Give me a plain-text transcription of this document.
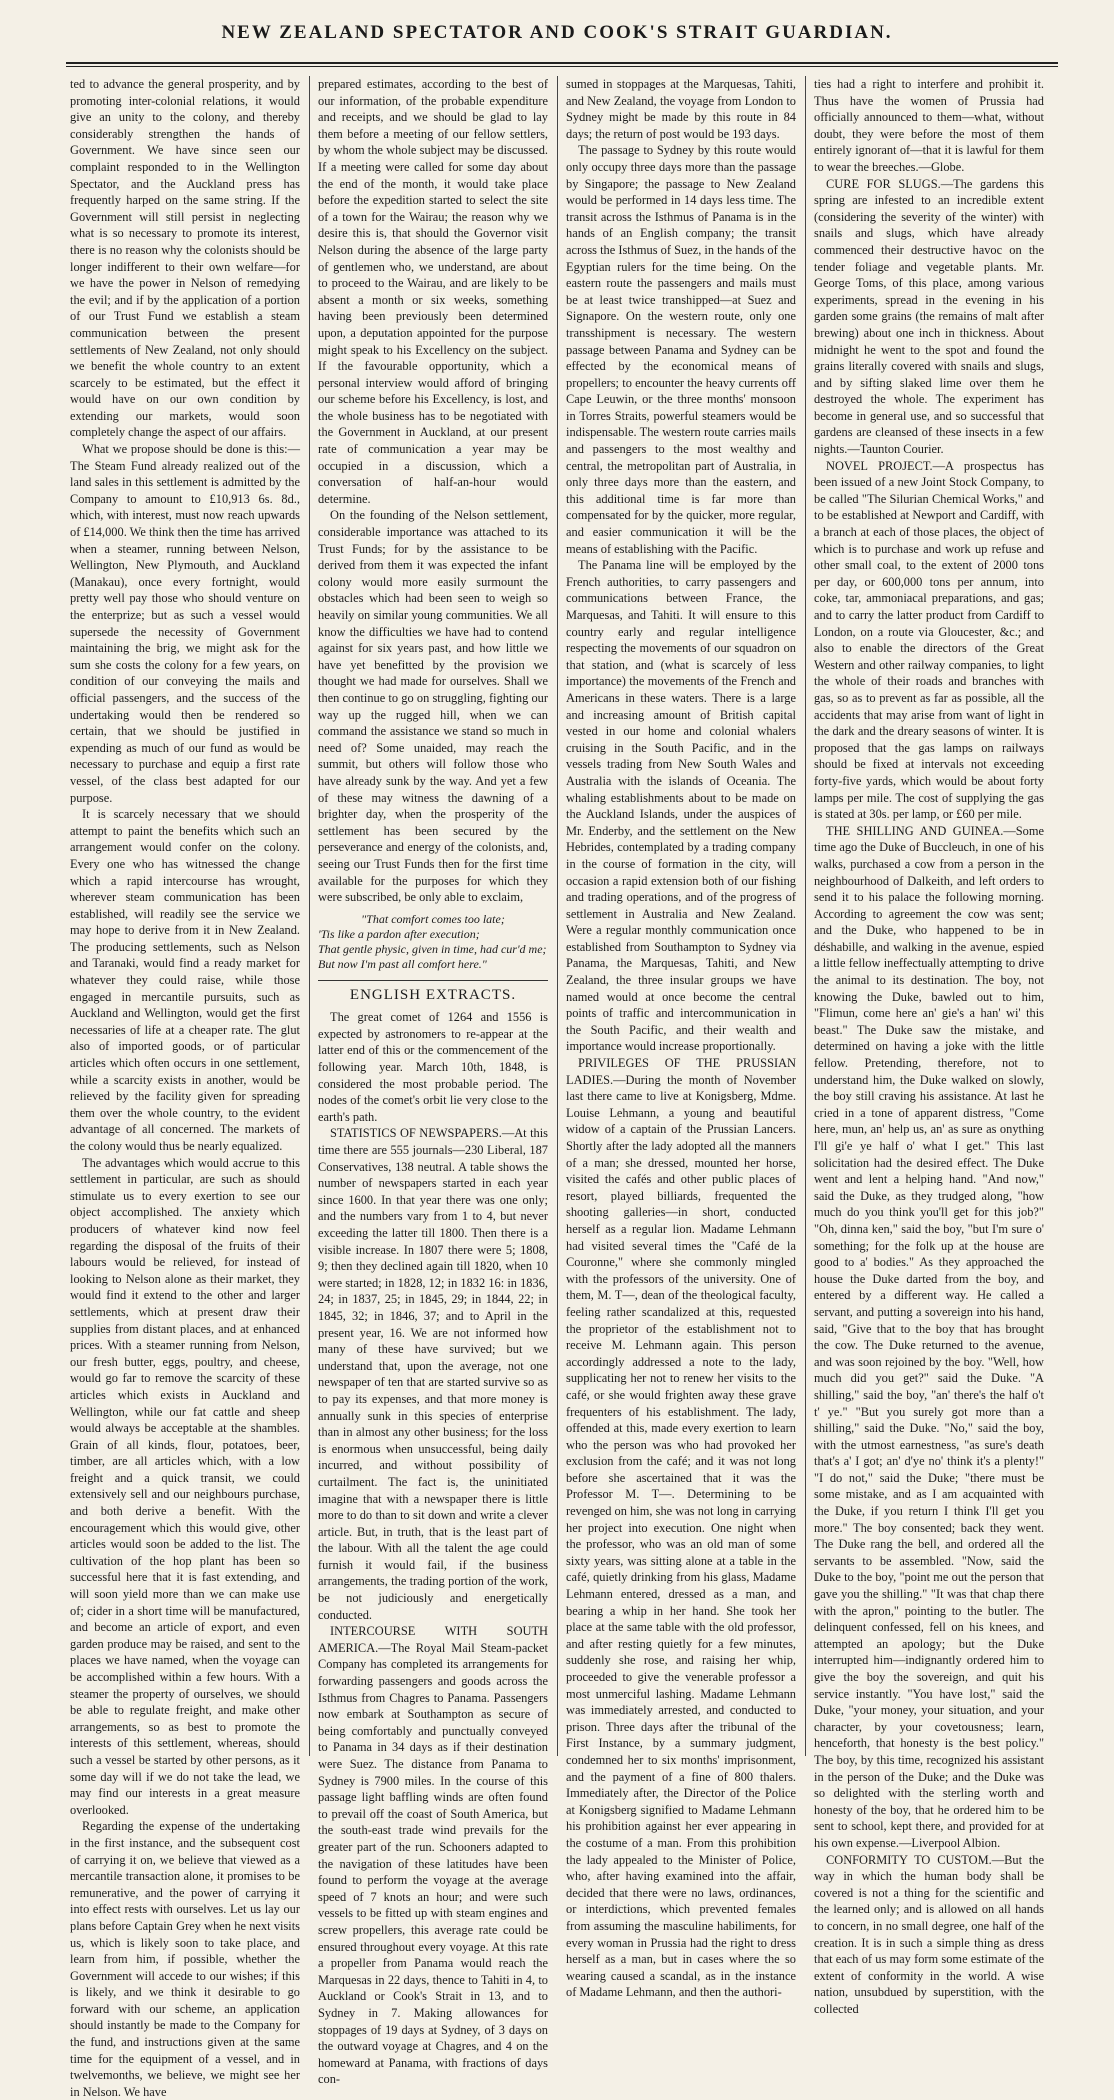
NEW ZEALAND SPECTATOR AND COOK'S STRAIT GUARDIAN.

ted to advance the general prosperity, and by promoting inter-colonial relations, it would give an unity to the colony, and thereby considerably strengthen the hands of Government. We have since seen our complaint responded to in the Wellington Spectator, and the Auckland press has frequently harped on the same string. If the Government will still persist in neglecting what is so necessary to promote its interest, there is no reason why the colonists should be longer indifferent to their own welfare—for we have the power in Nelson of remedying the evil; and if by the application of a portion of our Trust Fund we establish a steam communication between the present settlements of New Zealand, not only should we benefit the whole country to an extent scarcely to be estimated, but the effect it would have on our own condition by extending our markets, would soon completely change the aspect of our affairs.

What we propose should be done is this:—The Steam Fund already realized out of the land sales in this settlement is admitted by the Company to amount to £10,913 6s. 8d., which, with interest, must now reach upwards of £14,000. We think then the time has arrived when a steamer, running between Nelson, Wellington, New Plymouth, and Auckland (Manakau), once every fortnight, would pretty well pay those who should venture on the enterprize; but as such a vessel would supersede the necessity of Government maintaining the brig, we might ask for the sum she costs the colony for a few years, on condition of our conveying the mails and official passengers, and the success of the undertaking would then be rendered so certain, that we should be justified in expending as much of our fund as would be necessary to purchase and equip a first rate vessel, of the class best adapted for our purpose.

It is scarcely necessary that we should attempt to paint the benefits which such an arrangement would confer on the colony. Every one who has witnessed the change which a rapid intercourse has wrought, wherever steam communication has been established, will readily see the service we may hope to derive from it in New Zealand. The producing settlements, such as Nelson and Taranaki, would find a ready market for whatever they could raise, while those engaged in mercantile pursuits, such as Auckland and Wellington, would get the first necessaries of life at a cheaper rate. The glut also of imported goods, or of particular articles which often occurs in one settlement, while a scarcity exists in another, would be relieved by the facility given for spreading them over the whole country, to the evident advantage of all concerned. The markets of the colony would thus be nearly equalized.

The advantages which would accrue to this settlement in particular, are such as should stimulate us to every exertion to see our object accomplished. The anxiety which producers of whatever kind now feel regarding the disposal of the fruits of their labours would be relieved, for instead of looking to Nelson alone as their market, they would find it extend to the other and larger settlements, which at present draw their supplies from distant places, and at enhanced prices. With a steamer running from Nelson, our fresh butter, eggs, poultry, and cheese, would go far to remove the scarcity of these articles which exists in Auckland and Wellington, while our fat cattle and sheep would always be acceptable at the shambles. Grain of all kinds, flour, potatoes, beer, timber, are all articles which, with a low freight and a quick transit, we could extensively sell and our neighbours purchase, and both derive a benefit. With the encouragement which this would give, other articles would soon be added to the list. The cultivation of the hop plant has been so successful here that it is fast extending, and will soon yield more than we can make use of; cider in a short time will be manufactured, and become an article of export, and even garden produce may be raised, and sent to the places we have named, when the voyage can be accomplished within a few hours. With a steamer the property of ourselves, we should be able to regulate freight, and make other arrangements, so as best to promote the interests of this settlement, whereas, should such a vessel be started by other persons, as it some day will if we do not take the lead, we may find our interests in a great measure overlooked.

Regarding the expense of the undertaking in the first instance, and the subsequent cost of carrying it on, we believe that viewed as a mercantile transaction alone, it promises to be remunerative, and the power of carrying it into effect rests with ourselves. Let us lay our plans before Captain Grey when he next visits us, which is likely soon to take place, and learn from him, if possible, whether the Government will accede to our wishes; if this is likely, and we think it desirable to go forward with our scheme, an application should instantly be made to the Company for the fund, and instructions given at the same time for the equipment of a vessel, and in twelvemonths, we believe, we might see her in Nelson. We have

prepared estimates, according to the best of our information, of the probable expenditure and receipts, and we should be glad to lay them before a meeting of our fellow settlers, by whom the whole subject may be discussed. If a meeting were called for some day about the end of the month, it would take place before the expedition started to select the site of a town for the Wairau; the reason why we desire this is, that should the Governor visit Nelson during the absence of the large party of gentlemen who, we understand, are about to proceed to the Wairau, and are likely to be absent a month or six weeks, something having been previously been determined upon, a deputation appointed for the purpose might speak to his Excellency on the subject. If the favourable opportunity, which a personal interview would afford of bringing our scheme before his Excellency, is lost, and the whole business has to be negotiated with the Government in Auckland, at our present rate of communication a year may be occupied in a discussion, which a conversation of half-an-hour would determine.

On the founding of the Nelson settlement, considerable importance was attached to its Trust Funds; for by the assistance to be derived from them it was expected the infant colony would more easily surmount the obstacles which had been seen to weigh so heavily on similar young communities. We all know the difficulties we have had to contend against for six years past, and how little we have yet benefitted by the provision we thought we had made for ourselves. Shall we then continue to go on struggling, fighting our way up the rugged hill, when we can command the assistance we stand so much in need of? Some unaided, may reach the summit, but others will follow those who have already sunk by the way. And yet a few of these may witness the dawning of a brighter day, when the prosperity of the settlement has been secured by the perseverance and energy of the colonists, and, seeing our Trust Funds then for the first time available for the purposes for which they were subscribed, be only able to exclaim,

"That comfort comes too late;
'Tis like a pardon after execution;
That gentle physic, given in time, had cur'd me;
But now I'm past all comfort here."
ENGLISH EXTRACTS.

The great comet of 1264 and 1556 is expected by astronomers to re-appear at the latter end of this or the commencement of the following year. March 10th, 1848, is considered the most probable period. The nodes of the comet's orbit lie very close to the earth's path.

STATISTICS OF NEWSPAPERS.—At this time there are 555 journals—230 Liberal, 187 Conservatives, 138 neutral. A table shows the number of newspapers started in each year since 1600. In that year there was one only; and the numbers vary from 1 to 4, but never exceeding the latter till 1800. Then there is a visible increase. In 1807 there were 5; 1808, 9; then they declined again till 1820, when 10 were started; in 1828, 12; in 1832 16: in 1836, 24; in 1837, 25; in 1845, 29; in 1844, 22; in 1845, 32; in 1846, 37; and to April in the present year, 16. We are not informed how many of these have survived; but we understand that, upon the average, not one newspaper of ten that are started survive so as to pay its expenses, and that more money is annually sunk in this species of enterprise than in almost any other business; for the loss is enormous when unsuccessful, being daily incurred, and without possibility of curtailment. The fact is, the uninitiated imagine that with a newspaper there is little more to do than to sit down and write a clever article. But, in truth, that is the least part of the labour. With all the talent the age could furnish it would fail, if the business arrangements, the trading portion of the work, be not judiciously and energetically conducted.

INTERCOURSE WITH SOUTH AMERICA.—The Royal Mail Steam-packet Company has completed its arrangements for forwarding passengers and goods across the Isthmus from Chagres to Panama. Passengers now embark at Southampton as secure of being comfortably and punctually conveyed to Panama in 34 days as if their destination were Suez. The distance from Panama to Sydney is 7900 miles. In the course of this passage light baffling winds are often found to prevail off the coast of South America, but the south-east trade wind prevails for the greater part of the run. Schooners adapted to the navigation of these latitudes have been found to perform the voyage at the average speed of 7 knots an hour; and were such vessels to be fitted up with steam engines and screw propellers, this average rate could be ensured throughout every voyage. At this rate a propeller from Panama would reach the Marquesas in 22 days, thence to Tahiti in 4, to Auckland or Cook's Strait in 13, and to Sydney in 7. Making allowances for stoppages of 19 days at Sydney, of 3 days on the outward voyage at Chagres, and 4 on the homeward at Panama, with fractions of days con-

sumed in stoppages at the Marquesas, Tahiti, and New Zealand, the voyage from London to Sydney might be made by this route in 84 days; the return of post would be 193 days.

The passage to Sydney by this route would only occupy three days more than the passage by Singapore; the passage to New Zealand would be performed in 14 days less time. The transit across the Isthmus of Panama is in the hands of an English company; the transit across the Isthmus of Suez, in the hands of the Egyptian rulers for the time being. On the eastern route the passengers and mails must be at least twice transhipped—at Suez and Signapore. On the western route, only one transshipment is necessary. The western passage between Panama and Sydney can be effected by the economical means of propellers; to encounter the heavy currents off Cape Leuwin, or the three months' monsoon in Torres Straits, powerful steamers would be indispensable. The western route carries mails and passengers to the most wealthy and central, the metropolitan part of Australia, in only three days more than the eastern, and this additional time is far more than compensated for by the quicker, more regular, and easier communication it will be the means of establishing with the Pacific.

The Panama line will be employed by the French authorities, to carry passengers and communications between France, the Marquesas, and Tahiti. It will ensure to this country early and regular intelligence respecting the movements of our squadron on that station, and (what is scarcely of less importance) the movements of the French and Americans in these waters. There is a large and increasing amount of British capital vested in our home and colonial whalers cruising in the South Pacific, and in the vessels trading from New South Wales and Australia with the islands of Oceania. The whaling establishments about to be made on the Auckland Islands, under the auspices of Mr. Enderby, and the settlement on the New Hebrides, contemplated by a trading company in the course of formation in the city, will occasion a rapid extension both of our fishing and trading operations, and of the progress of settlement in Australia and New Zealand. Were a regular monthly communication once established from Southampton to Sydney via Panama, the Marquesas, Tahiti, and New Zealand, the three insular groups we have named would at once become the central points of traffic and intercommunication in the South Pacific, and their wealth and importance would increase proportionally.

PRIVILEGES OF THE PRUSSIAN LADIES.—During the month of November last there came to live at Konigsberg, Mdme. Louise Lehmann, a young and beautiful widow of a captain of the Prussian Lancers. Shortly after the lady adopted all the manners of a man; she dressed, mounted her horse, visited the cafés and other public places of resort, played billiards, frequented the shooting galleries—in short, conducted herself as a regular lion. Madame Lehmann had visited several times the "Café de la Couronne," where she commonly mingled with the professors of the university. One of them, M. T—, dean of the theological faculty, feeling rather scandalized at this, requested the proprietor of the establishment not to receive M. Lehmann again. This person accordingly addressed a note to the lady, supplicating her not to renew her visits to the café, or she would frighten away these grave frequenters of his establishment. The lady, offended at this, made every exertion to learn who the person was who had provoked her exclusion from the café; and it was not long before she ascertained that it was the Professor M. T—. Determining to be revenged on him, she was not long in carrying her project into execution. One night when the professor, who was an old man of some sixty years, was sitting alone at a table in the café, quietly drinking from his glass, Madame Lehmann entered, dressed as a man, and bearing a whip in her hand. She took her place at the same table with the old professor, and after resting quietly for a few minutes, suddenly she rose, and raising her whip, proceeded to give the venerable professor a most unmerciful lashing. Madame Lehmann was immediately arrested, and conducted to prison. Three days after the tribunal of the First Instance, by a summary judgment, condemned her to six months' imprisonment, and the payment of a fine of 800 thalers. Immediately after, the Director of the Police at Konigsberg signified to Madame Lehmann his prohibition against her ever appearing in the costume of a man. From this prohibition the lady appealed to the Minister of Police, who, after having examined into the affair, decided that there were no laws, ordinances, or interdictions, which prevented females from assuming the masculine habiliments, for every woman in Prussia had the right to dress herself as a man, but in cases where the so wearing caused a scandal, as in the instance of Madame Lehmann, and then the authori-

ties had a right to interfere and prohibit it. Thus have the women of Prussia had officially announced to them—what, without doubt, they were before the most of them entirely ignorant of—that it is lawful for them to wear the breeches.—Globe.

CURE FOR SLUGS.—The gardens this spring are infested to an incredible extent (considering the severity of the winter) with snails and slugs, which have already commenced their destructive havoc on the tender foliage and vegetable plants. Mr. George Toms, of this place, among various experiments, spread in the evening in his garden some grains (the remains of malt after brewing) about one inch in thickness. About midnight he went to the spot and found the grains literally covered with snails and slugs, and by sifting slaked lime over them he destroyed the whole. The experiment has become in general use, and so successful that gardens are cleansed of these insects in a few nights.—Taunton Courier.

NOVEL PROJECT.—A prospectus has been issued of a new Joint Stock Company, to be called "The Silurian Chemical Works," and to be established at Newport and Cardiff, with a branch at each of those places, the object of which is to purchase and work up refuse and other small coal, to the extent of 2000 tons per day, or 600,000 tons per annum, into coke, tar, ammoniacal preparations, and gas; and to carry the latter product from Cardiff to London, on a route via Gloucester, &c.; and also to enable the directors of the Great Western and other railway companies, to light the whole of their roads and branches with gas, so as to prevent as far as possible, all the accidents that may arise from want of light in the dark and the dreary seasons of winter. It is proposed that the gas lamps on railways should be fixed at intervals not exceeding forty-five yards, which would be about forty lamps per mile. The cost of supplying the gas is stated at 30s. per lamp, or £60 per mile.

THE SHILLING AND GUINEA.—Some time ago the Duke of Buccleuch, in one of his walks, purchased a cow from a person in the neighbourhood of Dalkeith, and left orders to send it to his palace the following morning. According to agreement the cow was sent; and the Duke, who happened to be in déshabille, and walking in the avenue, espied a little fellow ineffectually attempting to drive the animal to its destination. The boy, not knowing the Duke, bawled out to him, "Flimun, come here an' gie's a han' wi' this beast." The Duke saw the mistake, and determined on having a joke with the little fellow. Pretending, therefore, not to understand him, the Duke walked on slowly, the boy still craving his assistance. At last he cried in a tone of apparent distress, "Come here, mun, an' help us, an' as sure as onything I'll gi'e ye half o' what I get." This last solicitation had the desired effect. The Duke went and lent a helping hand. "And now," said the Duke, as they trudged along, "how much do you think you'll get for this job?" "Oh, dinna ken," said the boy, "but I'm sure o' something; for the folk up at the house are good to a' bodies." As they approached the house the Duke darted from the boy, and entered by a different way. He called a servant, and putting a sovereign into his hand, said, "Give that to the boy that has brought the cow. The Duke returned to the avenue, and was soon rejoined by the boy. "Well, how much did you get?" said the Duke. "A shilling," said the boy, "an' there's the half o't t' ye." "But you surely got more than a shilling," said the Duke. "No," said the boy, with the utmost earnestness, "as sure's death that's a' I got; an' d'ye no' think it's a plenty!" "I do not," said the Duke; "there must be some mistake, and as I am acquainted with the Duke, if you return I think I'll get you more." The boy consented; back they went. The Duke rang the bell, and ordered all the servants to be assembled. "Now, said the Duke to the boy, "point me out the person that gave you the shilling." "It was that chap there with the apron," pointing to the butler. The delinquent confessed, fell on his knees, and attempted an apology; but the Duke interrupted him—indignantly ordered him to give the boy the sovereign, and quit his service instantly. "You have lost," said the Duke, "your money, your situation, and your character, by your covetousness; learn, henceforth, that honesty is the best policy." The boy, by this time, recognized his assistant in the person of the Duke; and the Duke was so delighted with the sterling worth and honesty of the boy, that he ordered him to be sent to school, kept there, and provided for at his own expense.—Liverpool Albion.

CONFORMITY TO CUSTOM.—But the way in which the human body shall be covered is not a thing for the scientific and the learned only; and is allowed on all hands to concern, in no small degree, one half of the creation. It is in such a simple thing as dress that each of us may form some estimate of the extent of conformity in the world. A wise nation, unsubdued by superstition, with the collected
